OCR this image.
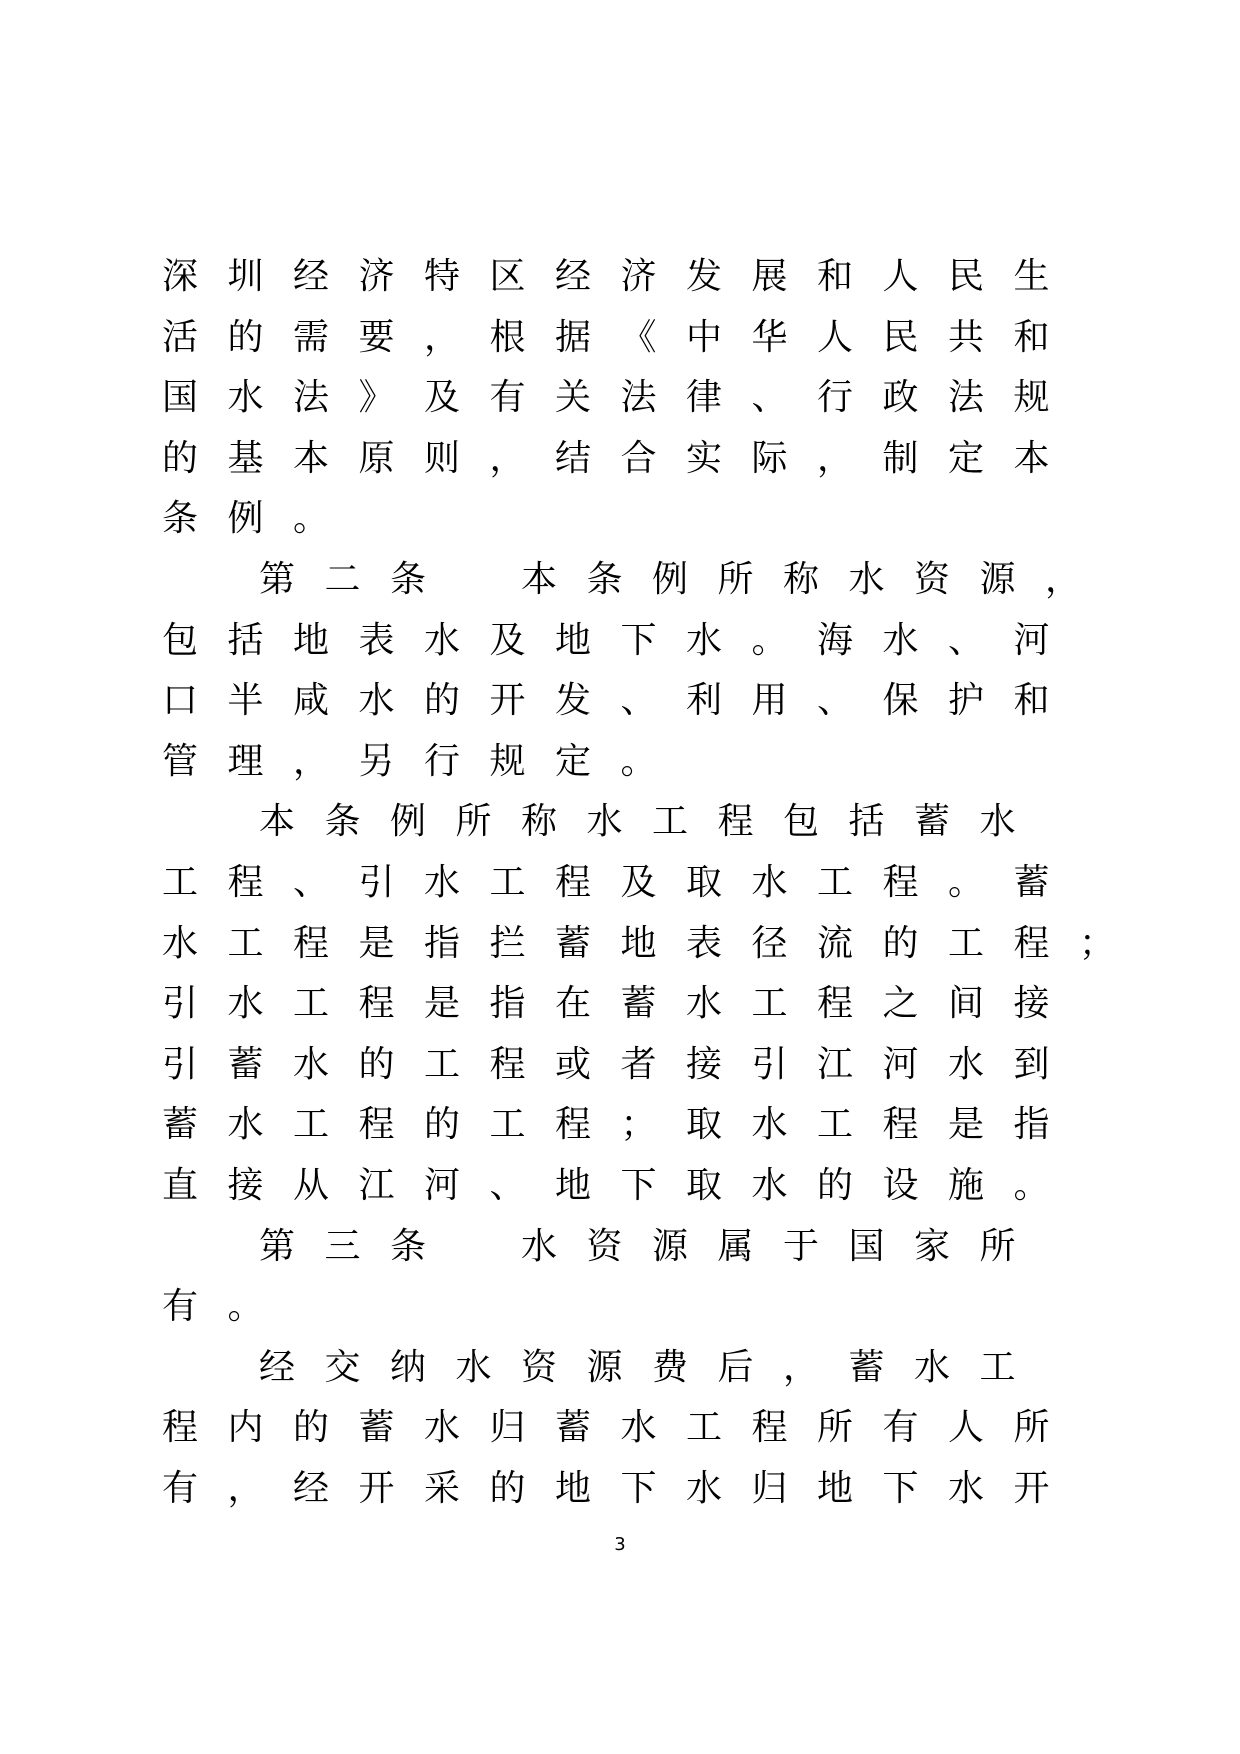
深圳经济特区经济发展和人民生
活的需要，根据《中华人民共和
国水法》及有关法律、行政法规
的基本原则，结合实际，制定本
条例。
第二条　本条例所称水资源，
包括地表水及地下水。海水、河
口半咸水的开发、利用、保护和
管理，另行规定。
本条例所称水工程包括蓄水
工程、引水工程及取水工程。蓄
水工程是指拦蓄地表径流的工程；
引水工程是指在蓄水工程之间接
引蓄水的工程或者接引江河水到
蓄水工程的工程；取水工程是指
直接从江河、地下取水的设施。
第三条　水资源属于国家所
有。
经交纳水资源费后，蓄水工
程内的蓄水归蓄水工程所有人所
有，经开采的地下水归地下水开
3
